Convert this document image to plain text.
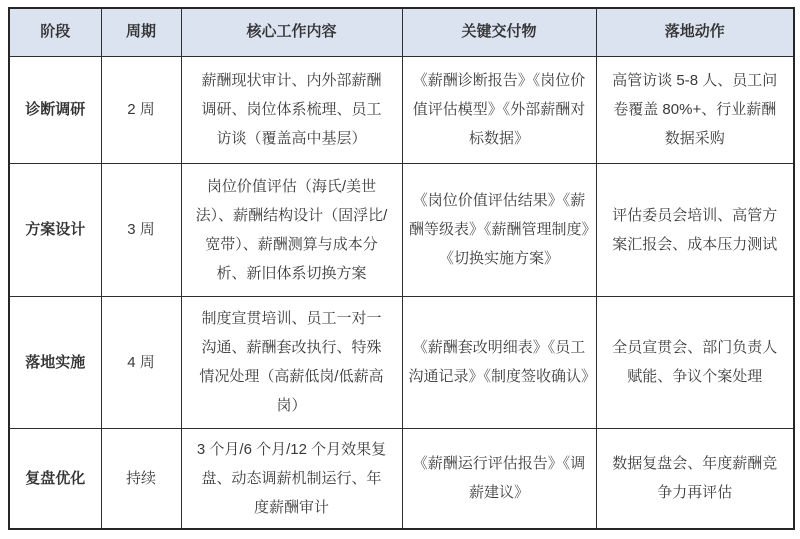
阶段	周期	核心工作内容	关键交付物	落地动作
诊断调研	2 周	薪酬现状审计、内外部薪酬调研、岗位体系梳理、员工访谈（覆盖高中基层）	《薪酬诊断报告》《岗位价值评估模型》《外部薪酬对标数据》	高管访谈 5-8 人、员工问卷覆盖 80%+、行业薪酬数据采购
方案设计	3 周	岗位价值评估（海氏/美世法）、薪酬结构设计（固浮比/宽带）、薪酬测算与成本分析、新旧体系切换方案	《岗位价值评估结果》《薪酬等级表》《薪酬管理制度》《切换实施方案》	评估委员会培训、高管方案汇报会、成本压力测试
落地实施	4 周	制度宣贯培训、员工一对一沟通、薪酬套改执行、特殊情况处理（高薪低岗/低薪高岗）	《薪酬套改明细表》《员工沟通记录》《制度签收确认》	全员宣贯会、部门负责人赋能、争议个案处理
复盘优化	持续	3 个月/6 个月/12 个月效果复盘、动态调薪机制运行、年度薪酬审计	《薪酬运行评估报告》《调薪建议》	数据复盘会、年度薪酬竞争力再评估
